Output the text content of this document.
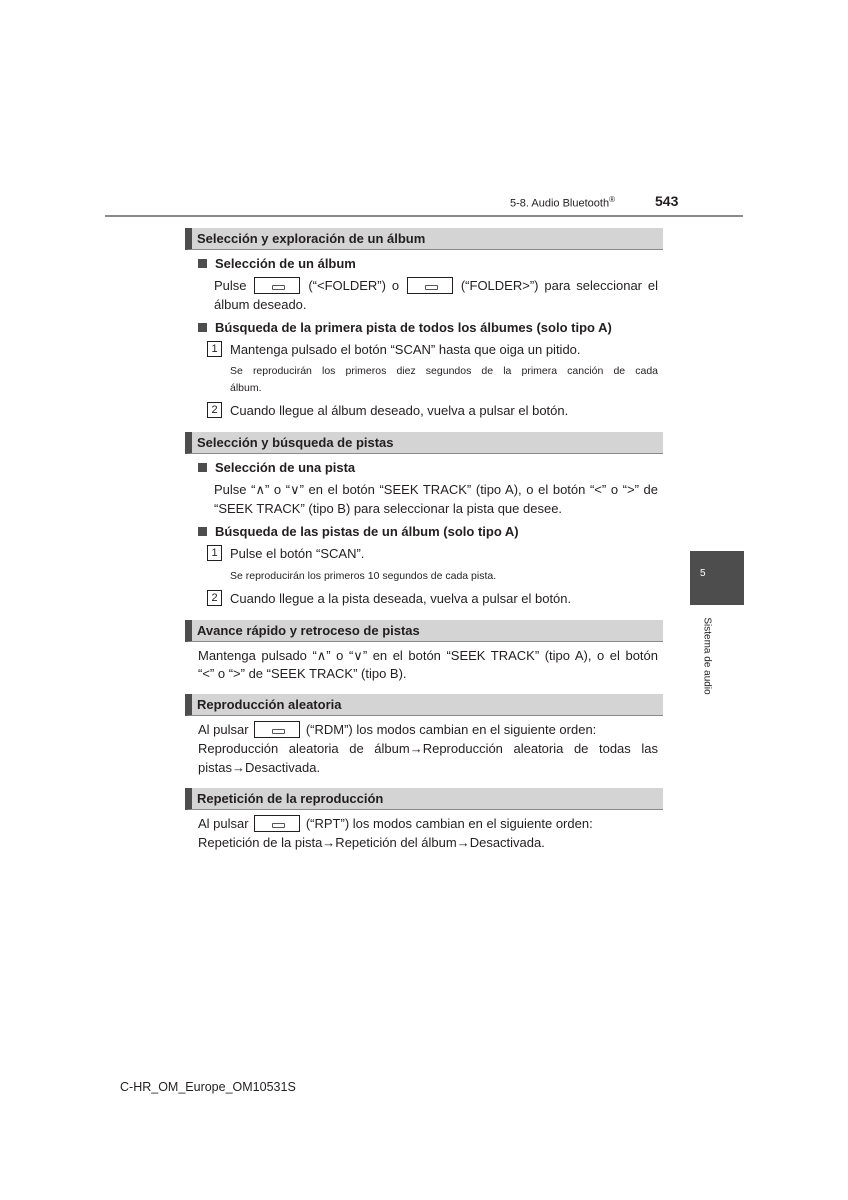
5-8. Audio Bluetooth®	543
Selección y exploración de un álbum
Selección de un álbum
Pulse	(“<FOLDER”) o	(“FOLDER>”) para seleccionar el
álbum deseado.
Búsqueda de la primera pista de todos los álbumes (solo tipo A)
1 Mantenga pulsado el botón “SCAN” hasta que oiga un pitido.
Se reproducirán los primeros diez segundos de la primera canción de cada
álbum.
2 Cuando llegue al álbum deseado, vuelva a pulsar el botón.
Selección y búsqueda de pistas
Selección de una pista
Pulse “∧” o “∨” en el botón “SEEK TRACK” (tipo A), o el botón “<” o “>” de
“SEEK TRACK” (tipo B) para seleccionar la pista que desee.
Búsqueda de las pistas de un álbum (solo tipo A)
1 Pulse el botón “SCAN”.
Se reproducirán los primeros 10 segundos de cada pista.
2 Cuando llegue a la pista deseada, vuelva a pulsar el botón.
Avance rápido y retroceso de pistas
Mantenga pulsado “∧” o “∨” en el botón “SEEK TRACK” (tipo A), o el botón
“<” o “>” de “SEEK TRACK” (tipo B).
Reproducción aleatoria
Al pulsar	(“RDM”) los modos cambian en el siguiente orden:
Reproducción aleatoria de álbum→Reproducción aleatoria de todas las
pistas→Desactivada.
Repetición de la reproducción
Al pulsar	(“RPT”) los modos cambian en el siguiente orden:
Repetición de la pista→Repetición del álbum→Desactivada.
5
Sistema de audio
C-HR_OM_Europe_OM10531S
